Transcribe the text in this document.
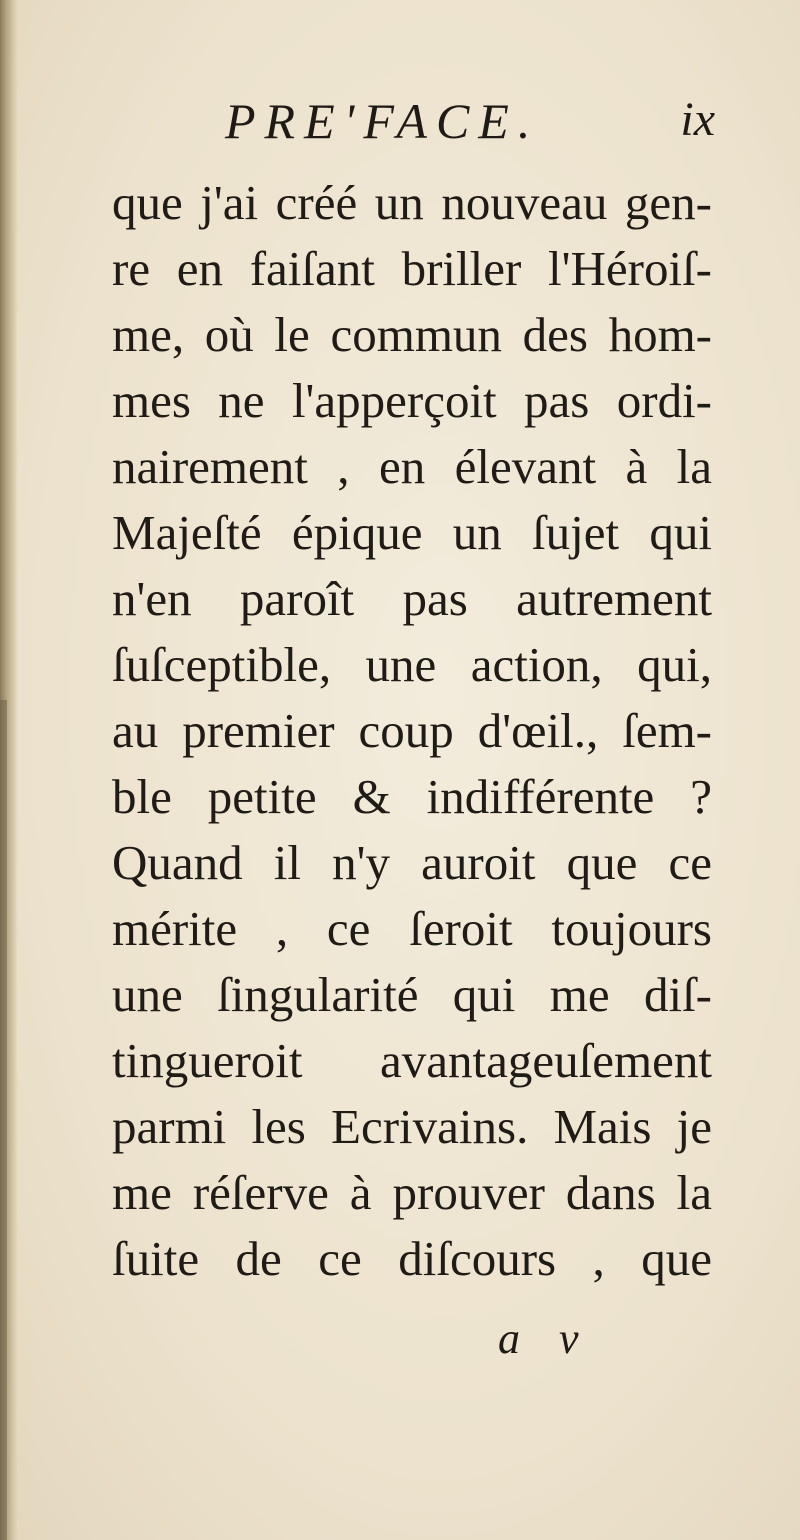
PRE'FACE.	ix
que j'ai créé un nouveau gen-
re en faiſant briller l'Héroiſ-
me, où le commun des hom-
mes ne l'apperçoit pas ordi-
nairement , en élevant à la
Majeſté épique un ſujet qui
n'en paroît pas autrement
ſuſceptible, une action, qui,
au premier coup d'œil., ſem-
ble petite & indifférente ?
Quand il n'y auroit que ce
mérite , ce ſeroit toujours
une ſingularité qui me diſ-
tingueroit avantageuſement
parmi les Ecrivains. Mais je
me réſerve à prouver dans la
ſuite de ce diſcours , que
a v
